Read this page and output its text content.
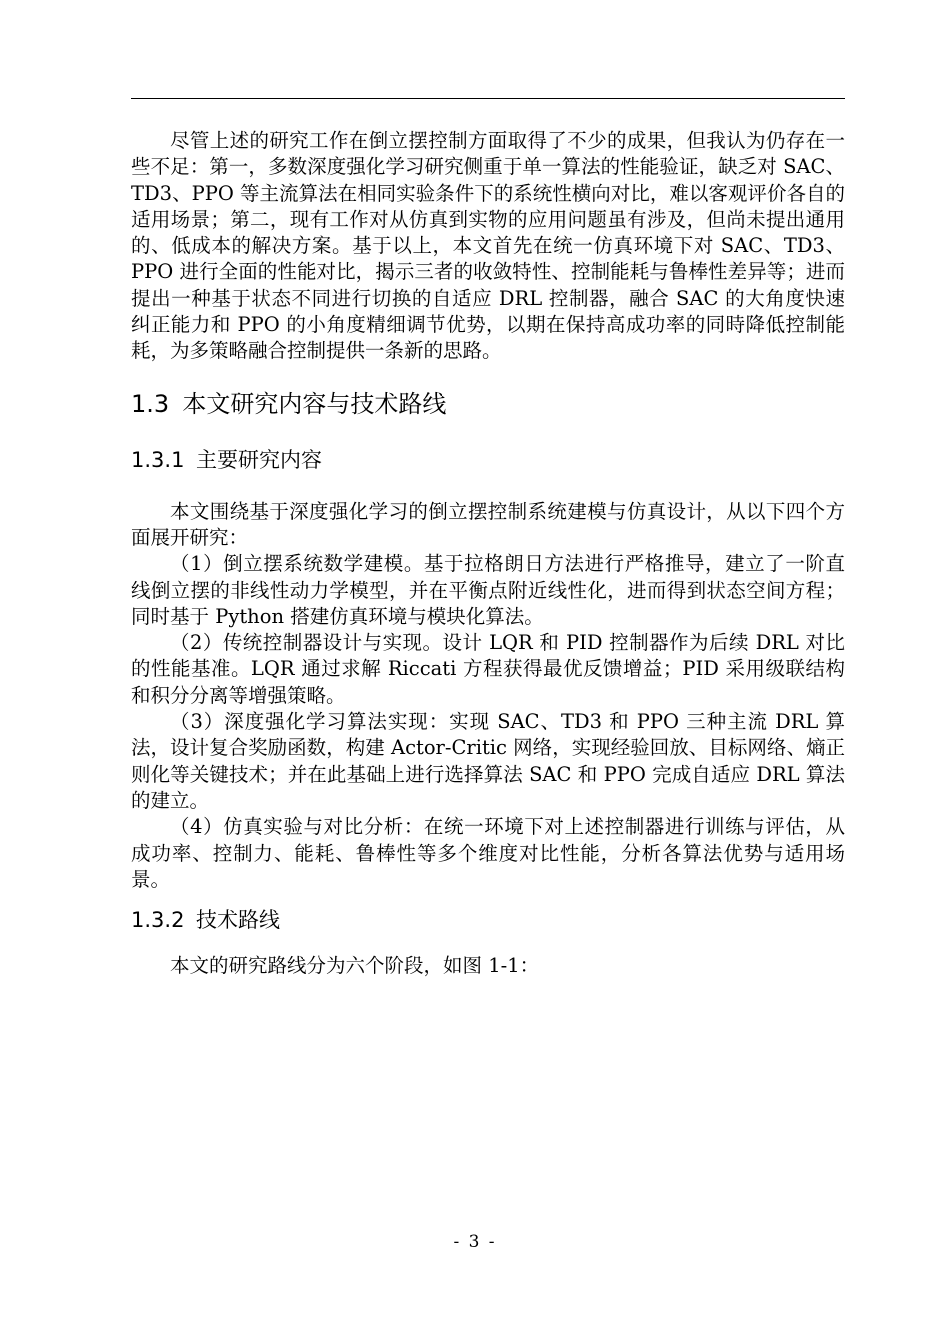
尽管上述的研究工作在倒立摆控制方面取得了不少的成果，但我认为仍存在一些不足：第一，多数深度强化学习研究侧重于单一算法的性能验证，缺乏对 SAC、TD3、PPO 等主流算法在相同实验条件下的系统性横向对比，难以客观评价各自的适用场景；第二，现有工作对从仿真到实物的应用问题虽有涉及，但尚未提出通用的、低成本的解决方案。基于以上，本文首先在统一仿真环境下对 SAC、TD3、PPO 进行全面的性能对比，揭示三者的收敛特性、控制能耗与鲁棒性差异等；进而提出一种基于状态不同进行切换的自适应 DRL 控制器，融合 SAC 的大角度快速纠正能力和 PPO 的小角度精细调节优势，以期在保持高成功率的同時降低控制能耗，为多策略融合控制提供一条新的思路。

1.3 本文研究内容与技术路线
1.3.1 主要研究内容

本文围绕基于深度强化学习的倒立摆控制系统建模与仿真设计，从以下四个方面展开研究：

（1）倒立摆系统数学建模。基于拉格朗日方法进行严格推导，建立了一阶直线倒立摆的非线性动力学模型，并在平衡点附近线性化，进而得到状态空间方程；同时基于 Python 搭建仿真环境与模块化算法。

（2）传统控制器设计与实现。设计 LQR 和 PID 控制器作为后续 DRL 对比的性能基准。LQR 通过求解 Riccati 方程获得最优反馈增益；PID 采用级联结构和积分分离等增强策略。

（3）深度强化学习算法实现：实现 SAC、TD3 和 PPO 三种主流 DRL 算法，设计复合奖励函数，构建 Actor-Critic 网络，实现经验回放、目标网络、熵正则化等关键技术；并在此基础上进行选择算法 SAC 和 PPO 完成自适应 DRL 算法的建立。

（4）仿真实验与对比分析：在统一环境下对上述控制器进行训练与评估，从成功率、控制力、能耗、鲁棒性等多个维度对比性能，分析各算法优势与适用场景。

1.3.2 技术路线

本文的研究路线分为六个阶段，如图 1-1：

- 3 -
